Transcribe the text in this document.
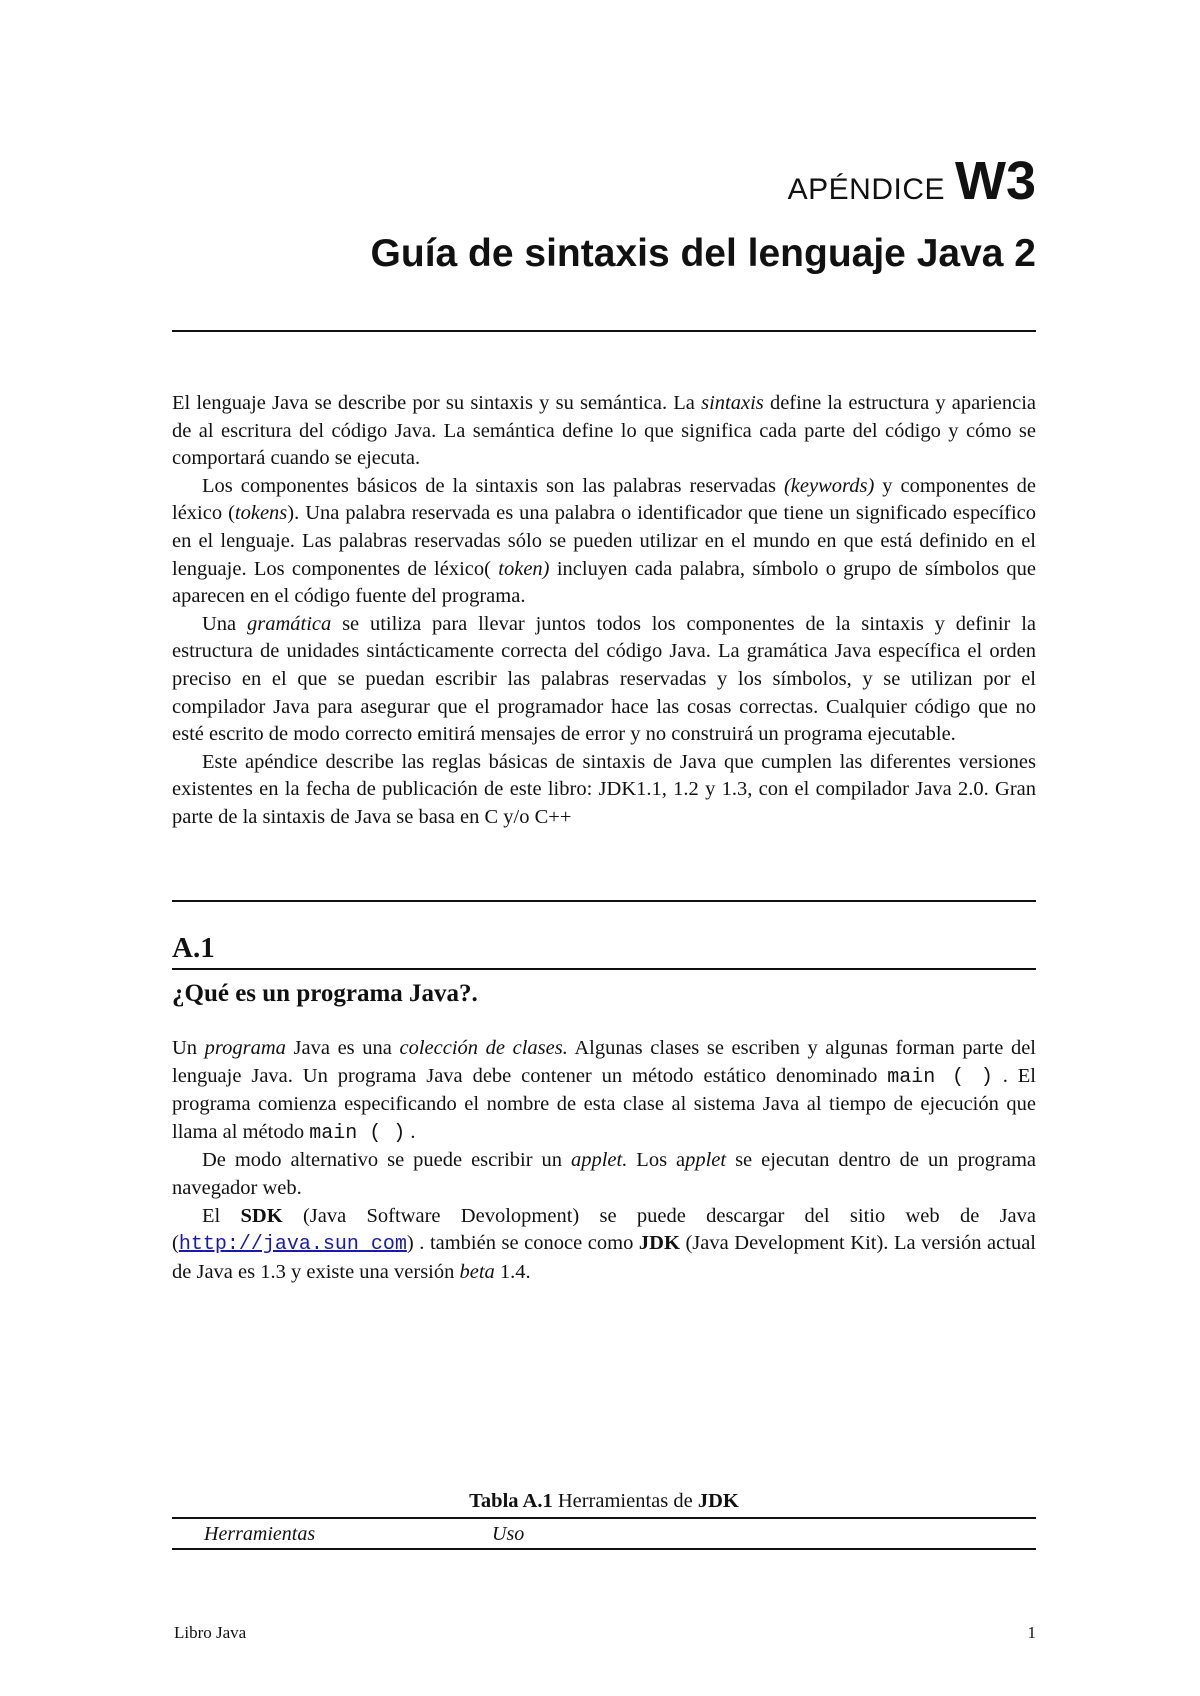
APÉNDICE W3
Guía de sintaxis del lenguaje Java 2

El lenguaje Java se describe por su sintaxis y su semántica. La sintaxis define la estructura y apariencia de al escritura del código Java. La semántica define lo que significa cada parte del código y cómo se comportará cuando se ejecuta.

Los componentes básicos de la sintaxis son las palabras reservadas (keywords) y componentes de léxico (tokens). Una palabra reservada es una palabra o identificador que tiene un significado específico en el lenguaje. Las palabras reservadas sólo se pueden utilizar en el mundo en que está definido en el lenguaje. Los componentes de léxico( token) incluyen cada palabra, símbolo o grupo de símbolos que aparecen en el código fuente del programa.

Una gramática se utiliza para llevar juntos todos los componentes de la sintaxis y definir la estructura de unidades sintácticamente correcta del código Java. La gramática Java específica el orden preciso en el que se puedan escribir las palabras reservadas y los símbolos, y se utilizan por el compilador Java para asegurar que el programador hace las cosas correctas. Cualquier código que no esté escrito de modo correcto emitirá mensajes de error y no construirá un programa ejecutable.

Este apéndice describe las reglas básicas de sintaxis de Java que cumplen las diferentes versiones existentes en la fecha de publicación de este libro: JDK1.1, 1.2 y 1.3, con el compilador Java 2.0. Gran parte de la sintaxis de Java se basa en C y/o C++

A.1
¿Qué es un programa Java?.

Un programa Java es una colección de clases. Algunas clases se escriben y algunas forman parte del lenguaje Java. Un programa Java debe contener un método estático denominado main ( ) . El programa comienza especificando el nombre de esta clase al sistema Java al tiempo de ejecución que llama al método main ( ) .

De modo alternativo se puede escribir un applet. Los applet se ejecutan dentro de un programa navegador web.

El SDK (Java Software Devolopment) se puede descargar del sitio web de Java (http://java.sun_com) . también se conoce como JDK (Java Development Kit). La versión actual de Java es 1.3 y existe una versión beta 1.4.

Tabla A.1 Herramientas de JDK
Herramientas	Uso
Libro Java	1
